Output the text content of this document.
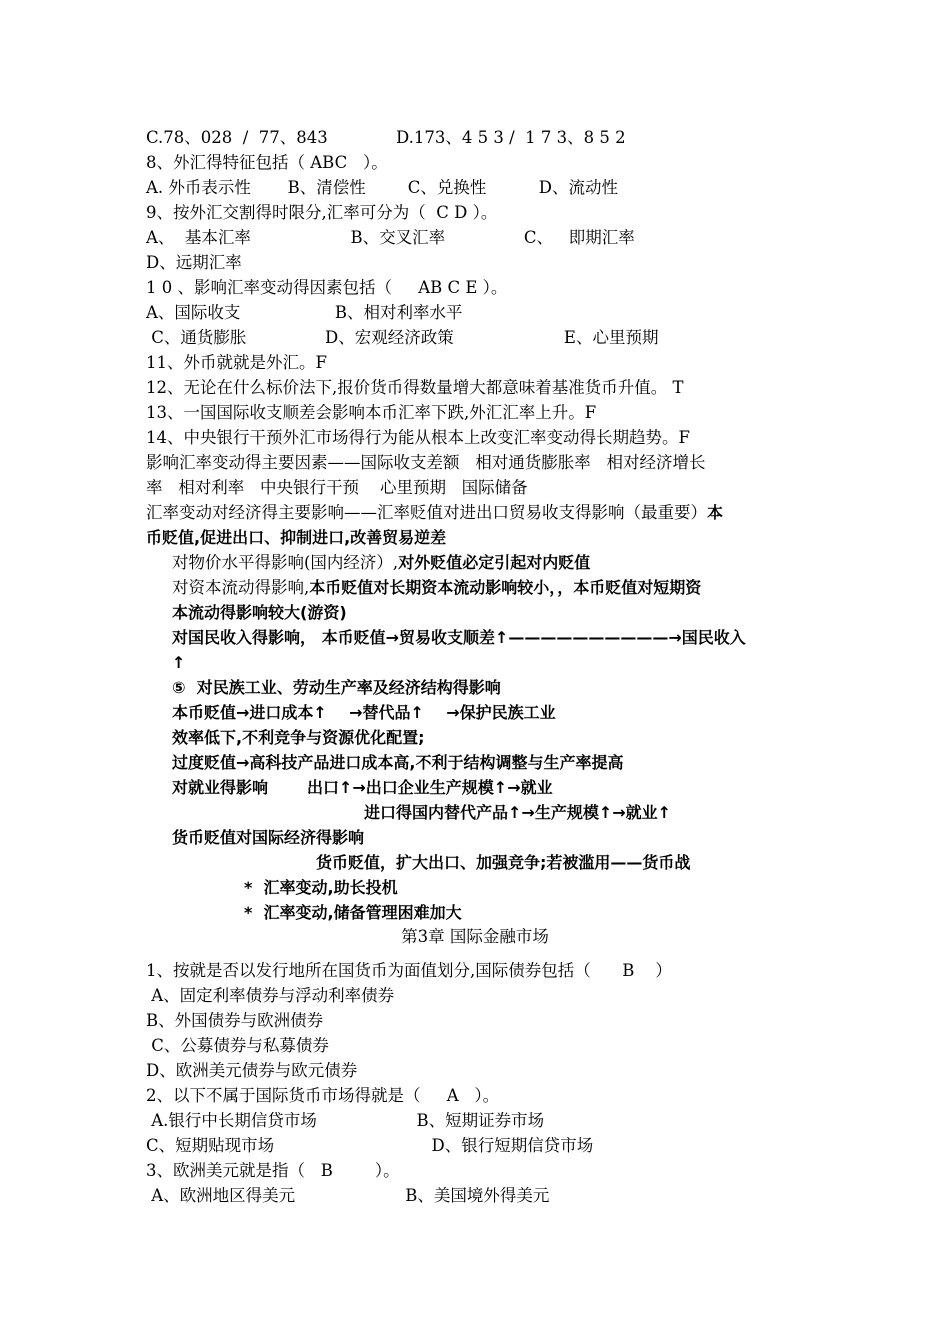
C.78、028  /  77、843             D.173、4 5 3 /  1 7 3、8 5 2
8、外汇得特征包括（ ABC   ）。
A. 外币表示性       B、清偿性        C、兑换性          D、流动性
9、按外汇交割得时限分,汇率可分为（  C D ）。
A、  基本汇率                   B、交叉汇率               C、   即期汇率
D、远期汇率
1 0 、影响汇率变动得因素包括（     AB C E ）。
A、国际收支                  B、相对利率水平
C、通货膨胀               D、宏观经济政策                     E、心里预期
11、外币就就是外汇。F
12、无论在什么标价法下,报价货币得数量增大都意味着基准货币升值。 T
13、一国国际收支顺差会影响本币汇率下跌,外汇汇率上升。F
14、中央银行干预外汇市场得行为能从根本上改变汇率变动得长期趋势。F
影响汇率变动得主要因素——国际收支差额   相对通货膨胀率   相对经济增长
率   相对利率   中央银行干预    心里预期   国际储备
汇率变动对经济得主要影响——汇率贬值对进出口贸易收支得影响（最重要）本
币贬值,促进出口、抑制进口,改善贸易逆差
对物价水平得影响(国内经济）,对外贬值必定引起对内贬值
对资本流动得影响,本币贬值对长期资本流动影响较小，，本币贬值对短期资
本流动得影响较大(游资)
对国民收入得影响， 本币贬值→贸易收支顺差↑——————————→国民收入
↑
⑤  对民族工业、劳动生产率及经济结构得影响
本币贬值→进口成本↑    →替代品↑    →保护民族工业
效率低下,不利竞争与资源优化配置;
过度贬值→高科技产品进口成本高,不利于结构调整与生产率提高
对就业得影响       出口↑→出口企业生产规模↑→就业
进口得国内替代产品↑→生产规模↑→就业↑
货币贬值对国际经济得影响
货币贬值，扩大出口、加强竞争;若被滥用——货币战
*  汇率变动,助长投机
*  汇率变动,储备管理困难加大
第3章 国际金融市场
1、按就是否以发行地所在国货币为面值划分,国际债券包括（      B    ）
A、固定利率债券与浮动利率债券
B、外国债券与欧洲债券
C、公募债券与私募债券
D、欧洲美元债券与欧元债券
2、以下不属于国际货币市场得就是（     A   ）。
A.银行中长期信贷市场                   B、短期证券市场
C、短期贴现市场                              D、银行短期信贷市场
3、欧洲美元就是指（   B        ）。
A、欧洲地区得美元                     B、美国境外得美元
